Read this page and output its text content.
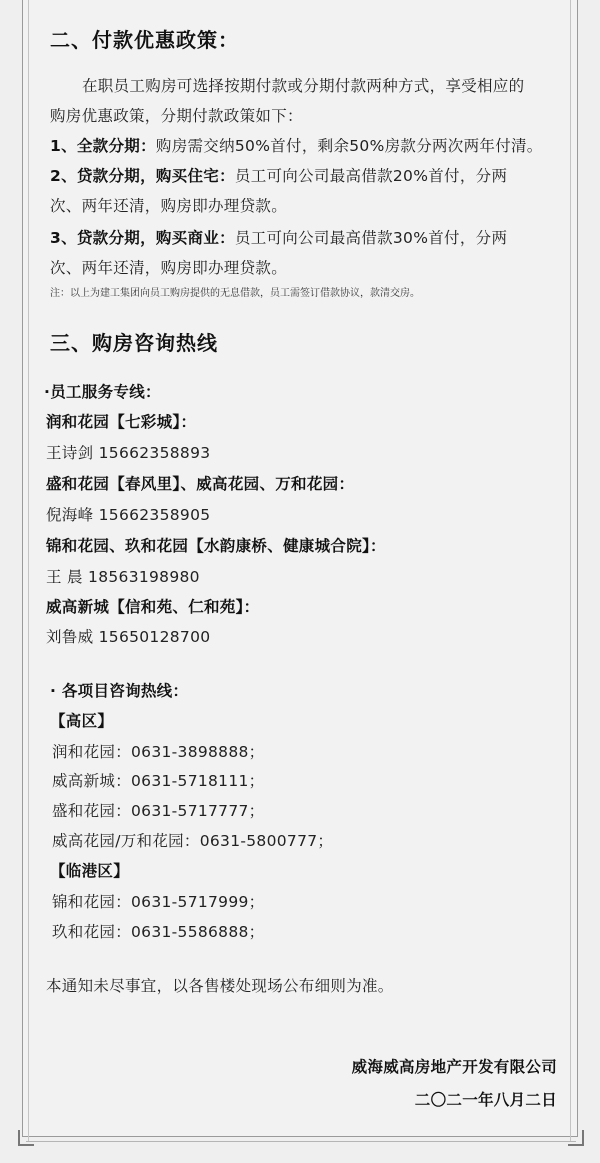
二、付款优惠政策：
在职员工购房可选择按期付款或分期付款两种方式，享受相应的
购房优惠政策，分期付款政策如下：
1、全款分期：购房需交纳50%首付，剩余50%房款分两次两年付清。
2、贷款分期，购买住宅：员工可向公司最高借款20%首付，分两
次、两年还清，购房即办理贷款。
3、贷款分期，购买商业：员工可向公司最高借款30%首付，分两
次、两年还清，购房即办理贷款。
注：以上为建工集团向员工购房提供的无息借款，员工需签订借款协议，款清交房。
三、购房咨询热线
·员工服务专线：
润和花园【七彩城】：
王诗剑 15662358893
盛和花园【春风里】、威高花园、万和花园：
倪海峰 15662358905
锦和花园、玖和花园【水韵康桥、健康城合院】：
王 晨 18563198980
威高新城【信和苑、仁和苑】：
刘鲁威 15650128700
· 各项目咨询热线：
【高区】
润和花园：0631-3898888；
威高新城：0631-5718111；
盛和花园：0631-5717777；
威高花园/万和花园：0631-5800777；
【临港区】
锦和花园：0631-5717999；
玖和花园：0631-5586888；
本通知未尽事宜，以各售楼处现场公布细则为准。
威海威高房地产开发有限公司
二〇二一年八月二日
